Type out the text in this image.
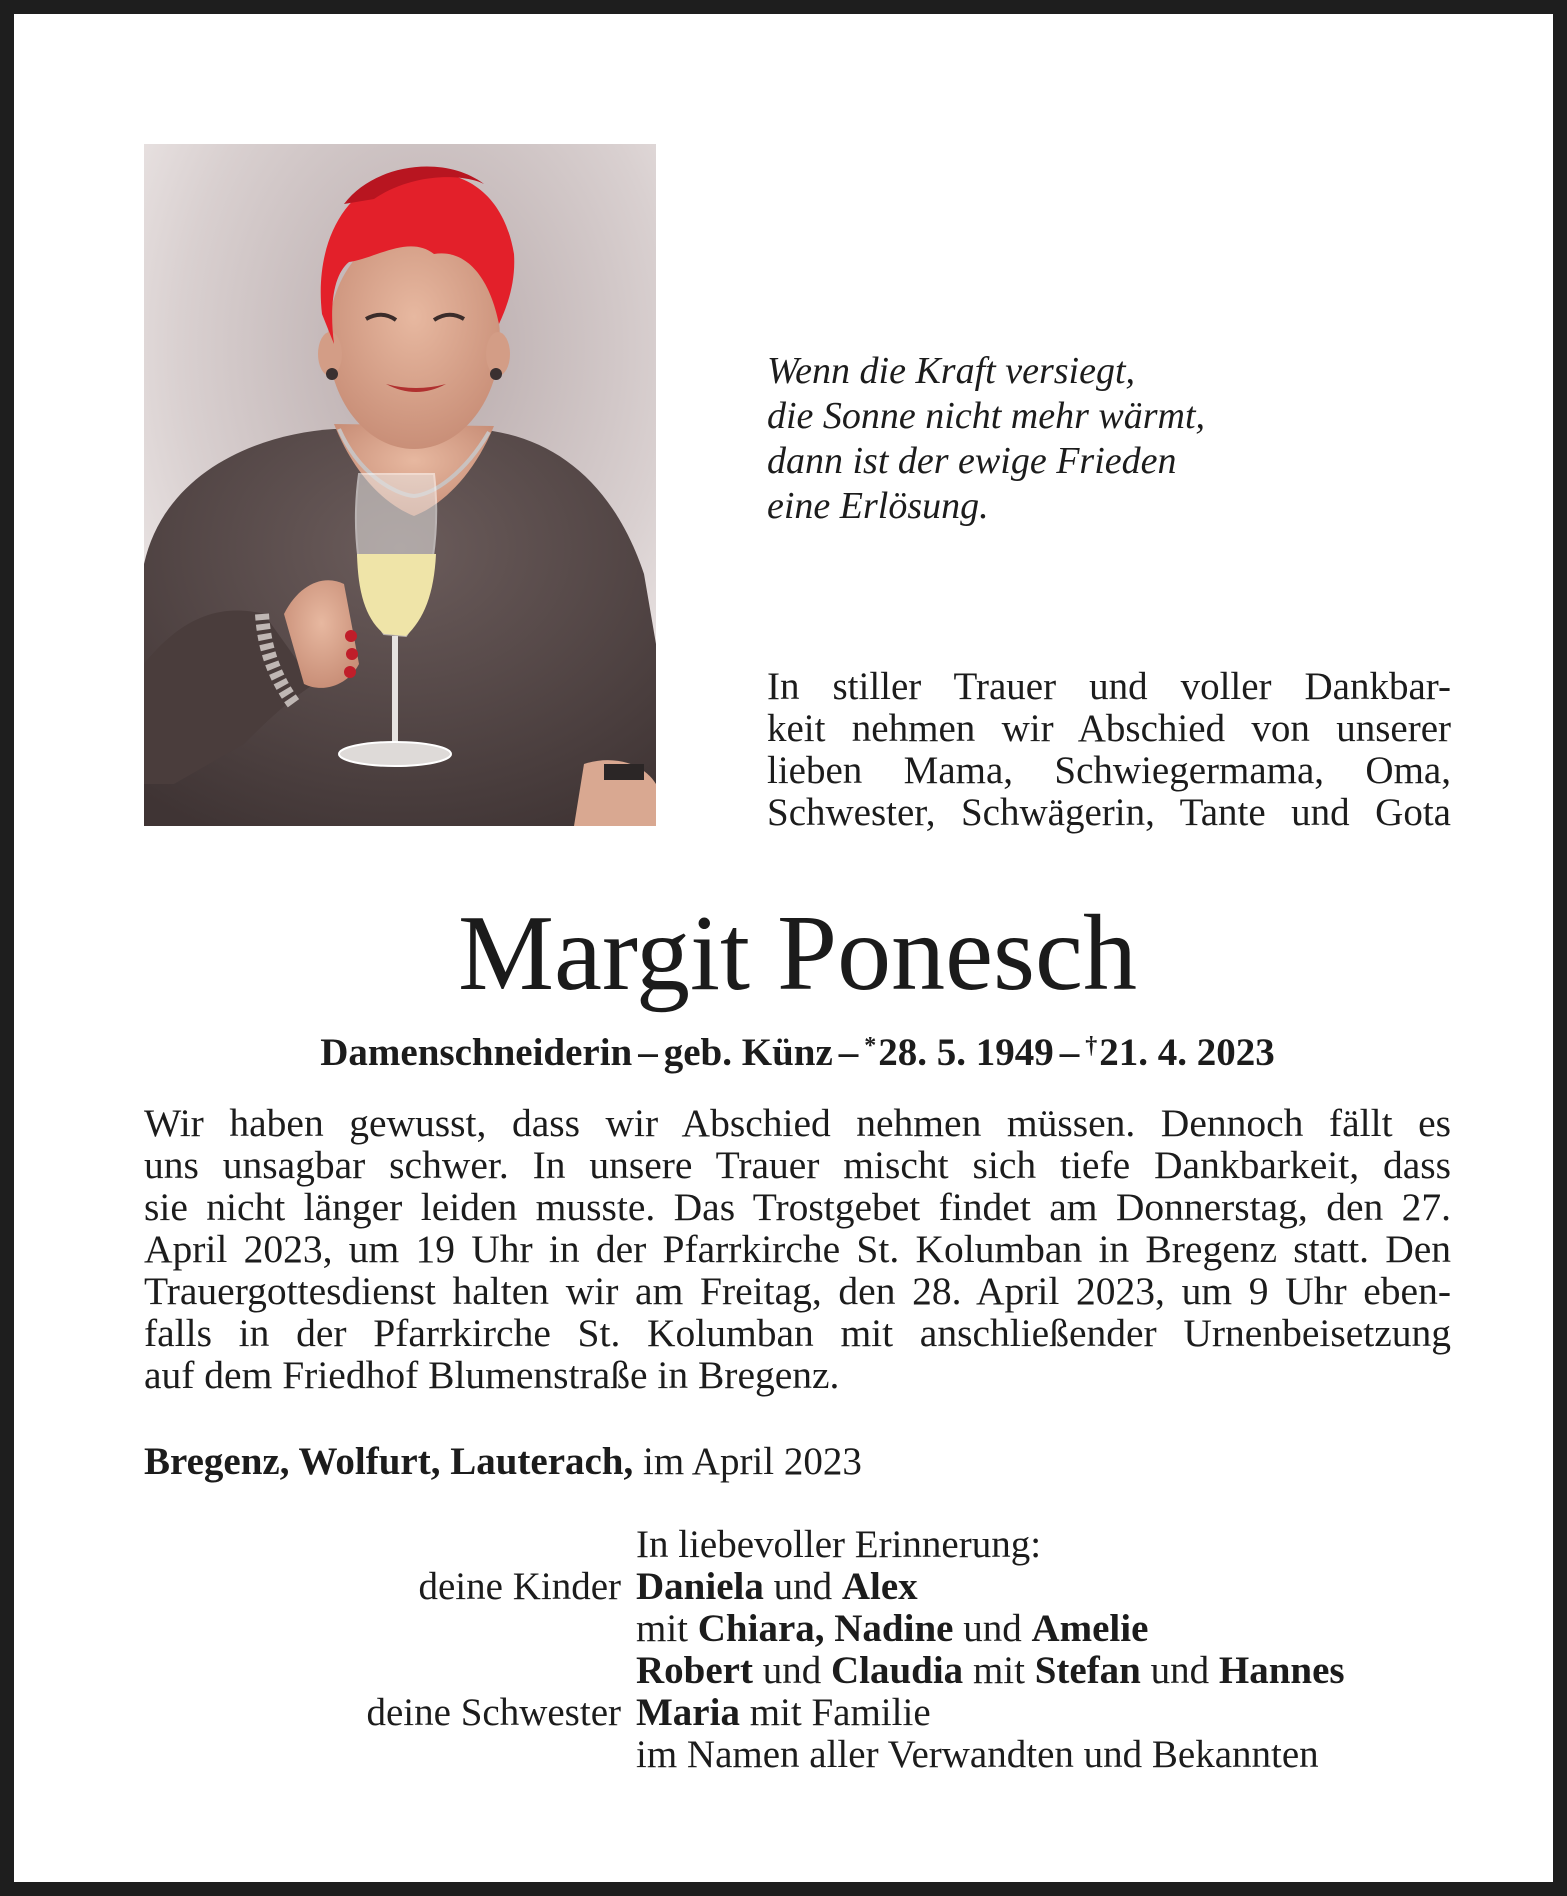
Wenn die Kraft versiegt,
die Sonne nicht mehr wärmt,
dann ist der ewige Frieden
eine Erlösung.
In stiller Trauer und voller Dankbar-
keit nehmen wir Abschied von unserer
lieben Mama, Schwiegermama, Oma,
Schwester, Schwägerin, Tante und Gota
Margit Ponesch
Damenschneiderin – geb. Künz – *28. 5. 1949 – †21. 4. 2023
Wir haben gewusst, dass wir Abschied nehmen müssen. Dennoch fällt es
uns unsagbar schwer. In unsere Trauer mischt sich tiefe Dankbarkeit, dass
sie nicht länger leiden musste. Das Trostgebet findet am Donnerstag, den 27.
April 2023, um 19 Uhr in der Pfarrkirche St. Kolumban in Bregenz statt. Den
Trauergottesdienst halten wir am Freitag, den 28. April 2023, um 9 Uhr eben-
falls in der Pfarrkirche St. Kolumban mit anschließender Urnenbeisetzung
auf dem Friedhof Blumenstraße in Bregenz.
Bregenz, Wolfurt, Lauterach, im April 2023
In liebevoller Erinnerung:
deine Kinder Daniela und Alex
mit Chiara, Nadine und Amelie
Robert und Claudia mit Stefan und Hannes
deine Schwester Maria mit Familie
im Namen aller Verwandten und Bekannten
